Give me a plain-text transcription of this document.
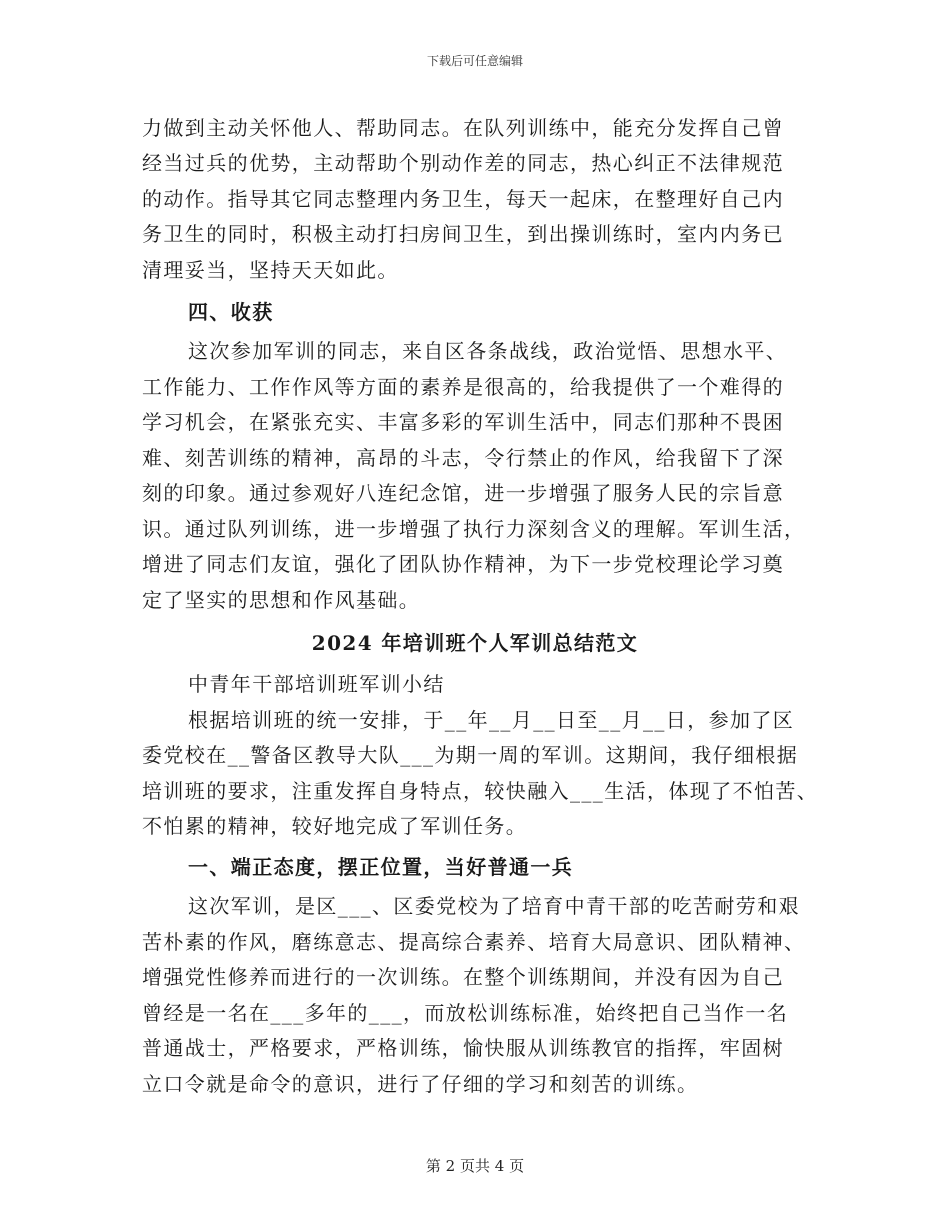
下载后可任意编辑
力做到主动关怀他人、帮助同志。在队列训练中，能充分发挥自己曾
经当过兵的优势，主动帮助个别动作差的同志，热心纠正不法律规范
的动作。指导其它同志整理内务卫生，每天一起床，在整理好自己内
务卫生的同时，积极主动打扫房间卫生，到出操训练时，室内内务已
清理妥当，坚持天天如此。
四、收获
这次参加军训的同志，来自区各条战线，政治觉悟、思想水平、
工作能力、工作作风等方面的素养是很高的，给我提供了一个难得的
学习机会，在紧张充实、丰富多彩的军训生活中，同志们那种不畏困
难、刻苦训练的精神，高昂的斗志，令行禁止的作风，给我留下了深
刻的印象。通过参观好八连纪念馆，进一步增强了服务人民的宗旨意
识。通过队列训练，进一步增强了执行力深刻含义的理解。军训生活，
增进了同志们友谊，强化了团队协作精神，为下一步党校理论学习奠
定了坚实的思想和作风基础。
2024 年培训班个人军训总结范文
中青年干部培训班军训小结
根据培训班的统一安排，于__年__月__日至__月__日，参加了区
委党校在__警备区教导大队___为期一周的军训。这期间，我仔细根据
培训班的要求，注重发挥自身特点，较快融入___生活，体现了不怕苦、
不怕累的精神，较好地完成了军训任务。
一、端正态度，摆正位置，当好普通一兵
这次军训，是区___、区委党校为了培育中青干部的吃苦耐劳和艰
苦朴素的作风，磨练意志、提高综合素养、培育大局意识、团队精神、
增强党性修养而进行的一次训练。在整个训练期间，并没有因为自己
曾经是一名在___多年的___，而放松训练标准，始终把自己当作一名
普通战士，严格要求，严格训练，愉快服从训练教官的指挥，牢固树
立口令就是命令的意识，进行了仔细的学习和刻苦的训练。
第 2 页共 4 页
